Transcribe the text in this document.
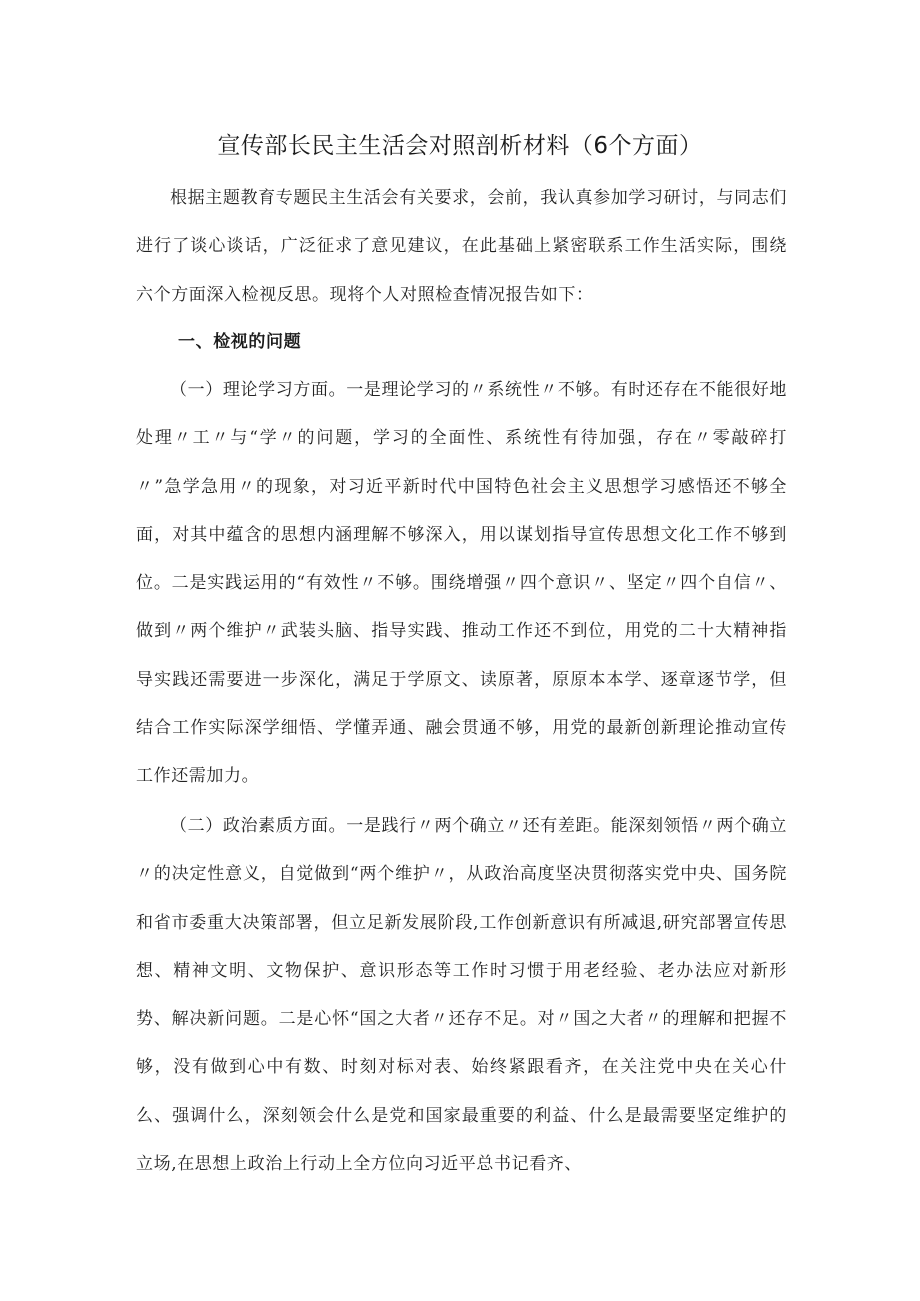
宣传部长民主生活会对照剖析材料（6个方面）

根据主题教育专题民主生活会有关要求，会前，我认真参加学习研讨，与同志们进行了谈心谈话，广泛征求了意见建议，在此基础上紧密联系工作生活实际，围绕六个方面深入检视反思。现将个人对照检查情况报告如下：

一、检视的问题

（一）理论学习方面。一是理论学习的〃系统性〃不够。有时还存在不能很好地处理〃工〃与“学〃的问题，学习的全面性、系统性有待加强，存在〃零敲碎打〃”急学急用〃的现象，对习近平新时代中国特色社会主义思想学习感悟还不够全面，对其中蕴含的思想内涵理解不够深入，用以谋划指导宣传思想文化工作不够到位。二是实践运用的“有效性〃不够。围绕增强〃四个意识〃、坚定〃四个自信〃、做到〃两个维护〃武装头脑、指导实践、推动工作还不到位，用党的二十大精神指导实践还需要进一步深化，满足于学原文、读原著，原原本本学、逐章逐节学，但结合工作实际深学细悟、学懂弄通、融会贯通不够，用党的最新创新理论推动宣传工作还需加力。

（二）政治素质方面。一是践行〃两个确立〃还有差距。能深刻领悟〃两个确立〃的决定性意义，自觉做到“两个维护〃，从政治高度坚决贯彻落实党中央、国务院和省市委重大决策部署，但立足新发展阶段,工作创新意识有所减退,研究部署宣传思想、精神文明、文物保护、意识形态等工作时习惯于用老经验、老办法应对新形势、解决新问题。二是心怀“国之大者〃还存不足。对〃国之大者〃的理解和把握不够，没有做到心中有数、时刻对标对表、始终紧跟看齐，在关注党中央在关心什么、强调什么，深刻领会什么是党和国家最重要的利益、什么是最需要坚定维护的立场,在思想上政治上行动上全方位向习近平总书记看齐、
